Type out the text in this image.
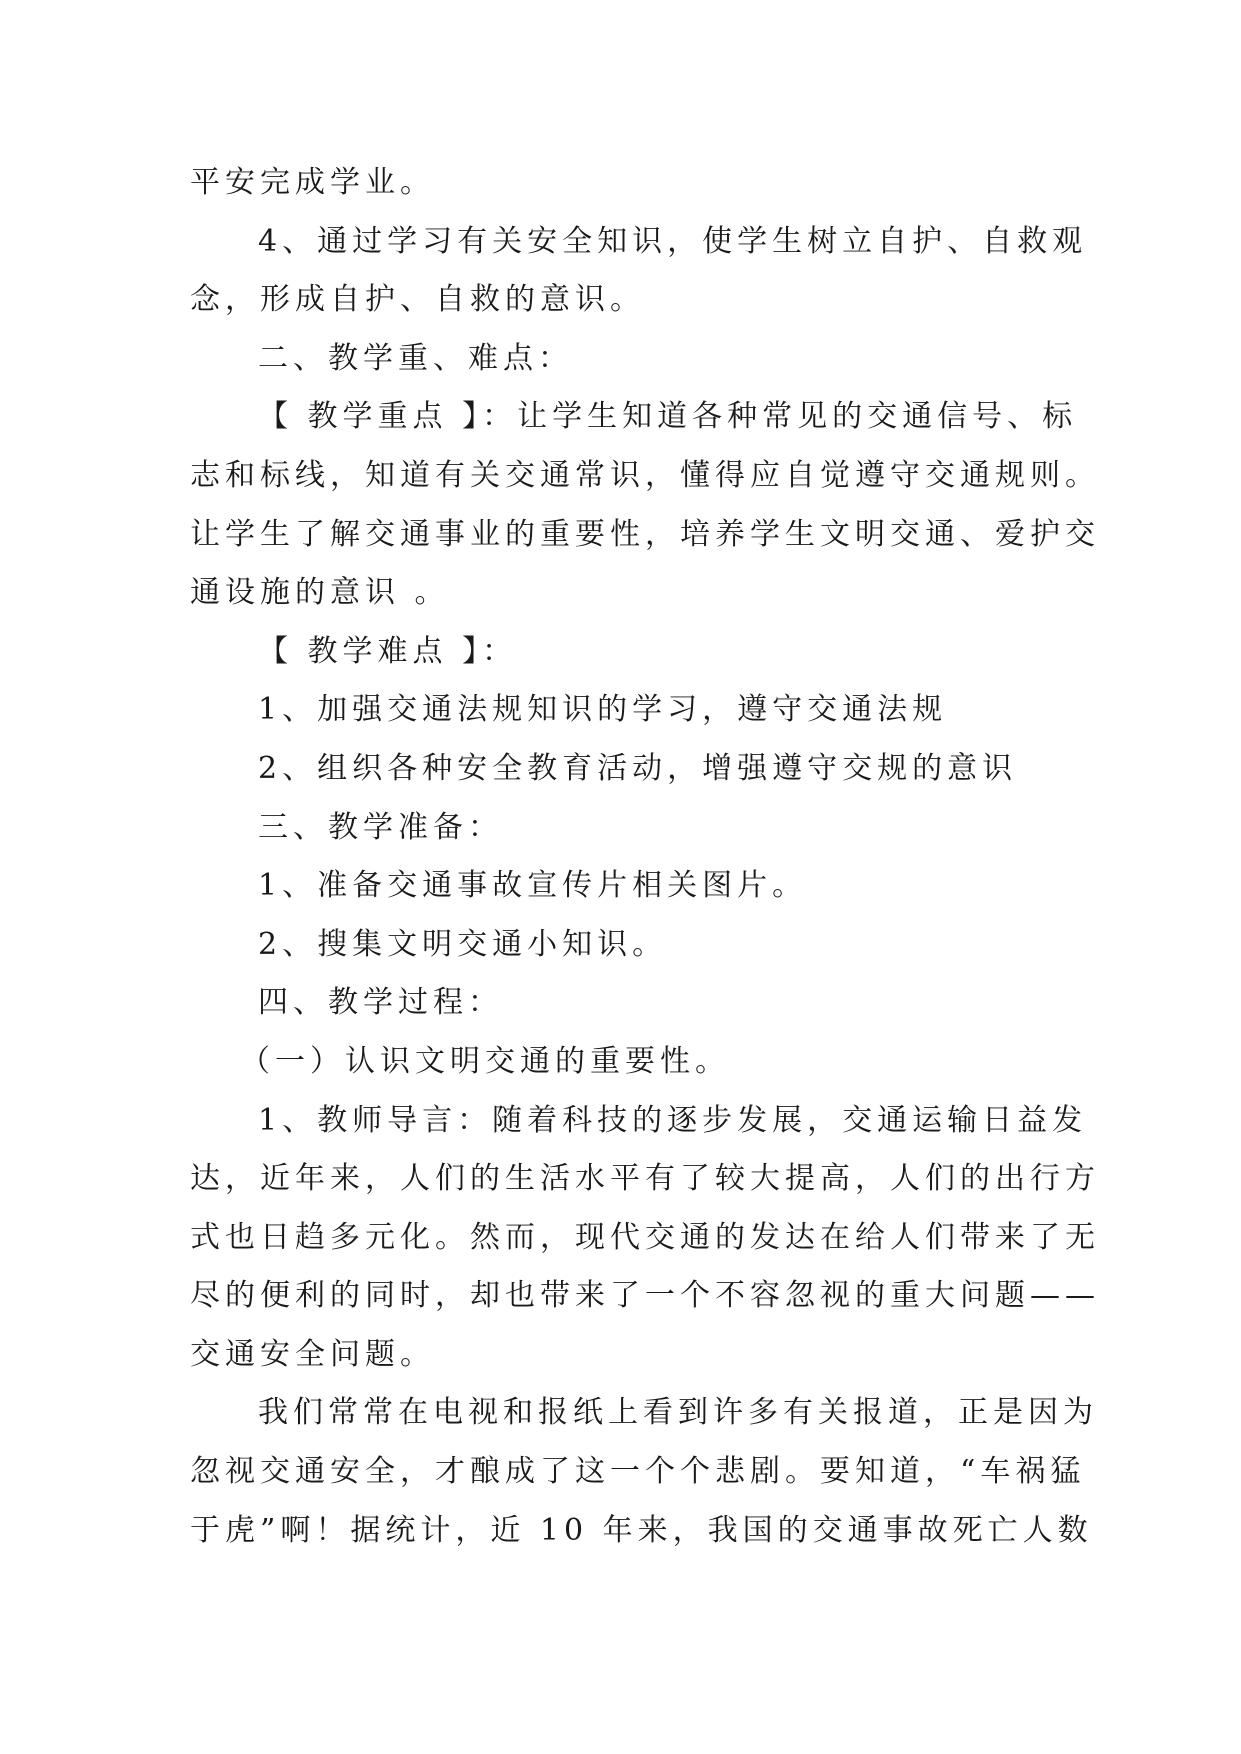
平安完成学业。
4、通过学习有关安全知识，使学生树立自护、自救观
念，形成自护、自救的意识。
二、教学重、难点：
【 教学重点 】：让学生知道各种常见的交通信号、标
志和标线，知道有关交通常识，懂得应自觉遵守交通规则。
让学生了解交通事业的重要性，培养学生文明交通、爱护交
通设施的意识 。
【 教学难点 】：
1、加强交通法规知识的学习，遵守交通法规
2、组织各种安全教育活动，增强遵守交规的意识
三、教学准备：
1、准备交通事故宣传片相关图片。
2、搜集文明交通小知识。
四、教学过程：
（一）认识文明交通的重要性。
1、教师导言：随着科技的逐步发展，交通运输日益发
达，近年来，人们的生活水平有了较大提高，人们的出行方
式也日趋多元化。然而，现代交通的发达在给人们带来了无
尽的便利的同时，却也带来了一个不容忽视的重大问题——
交通安全问题。
我们常常在电视和报纸上看到许多有关报道，正是因为
忽视交通安全，才酿成了这一个个悲剧。要知道，“车祸猛
于虎”啊！据统计，近 10 年来，我国的交通事故死亡人数
